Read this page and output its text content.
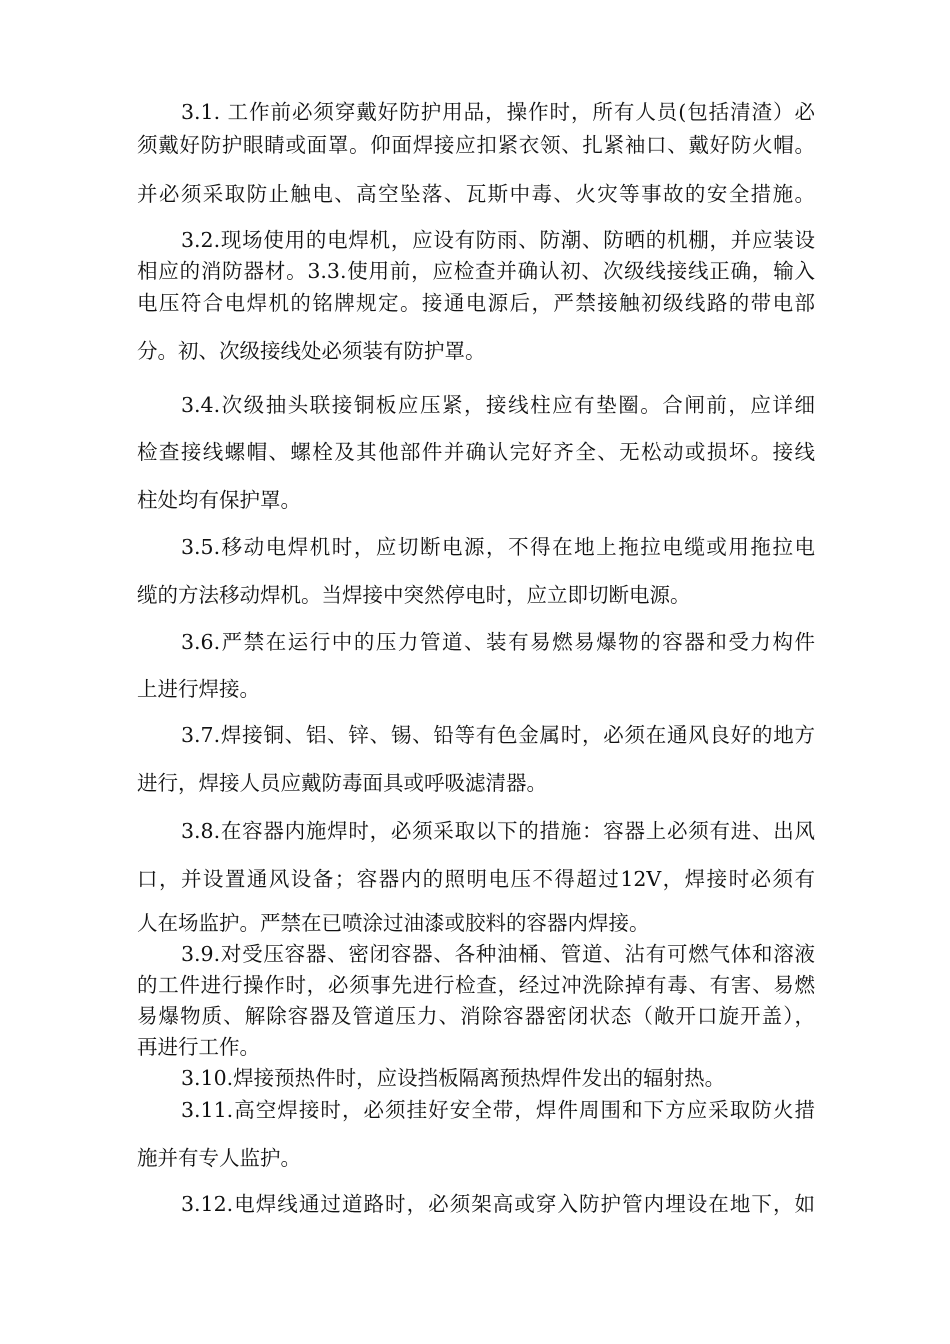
3.1. 工作前必须穿戴好防护用品，操作时，所有人员(包括清渣）必
须戴好防护眼睛或面罩。仰面焊接应扣紧衣领、扎紧袖口、戴好防火帽。
并必须采取防止触电、高空坠落、瓦斯中毒、火灾等事故的安全措施。
3.2.现场使用的电焊机，应设有防雨、防潮、防晒的机棚，并应装设
相应的消防器材。3.3.使用前，应检查并确认初、次级线接线正确，输入
电压符合电焊机的铭牌规定。接通电源后，严禁接触初级线路的带电部
分。初、次级接线处必须装有防护罩。
3.4.次级抽头联接铜板应压紧，接线柱应有垫圈。合闸前，应详细
检查接线螺帽、螺栓及其他部件并确认完好齐全、无松动或损坏。接线
柱处均有保护罩。
3.5.移动电焊机时，应切断电源，不得在地上拖拉电缆或用拖拉电
缆的方法移动焊机。当焊接中突然停电时，应立即切断电源。
3.6.严禁在运行中的压力管道、装有易燃易爆物的容器和受力构件
上进行焊接。
3.7.焊接铜、铝、锌、锡、铅等有色金属时，必须在通风良好的地方
进行，焊接人员应戴防毒面具或呼吸滤清器。
3.8.在容器内施焊时，必须采取以下的措施：容器上必须有进、出风
口，并设置通风设备；容器内的照明电压不得超过12V，焊接时必须有
人在场监护。严禁在已喷涂过油漆或胶料的容器内焊接。
3.9.对受压容器、密闭容器、各种油桶、管道、沾有可燃气体和溶液
的工件进行操作时，必须事先进行检查，经过冲洗除掉有毒、有害、易燃
易爆物质、解除容器及管道压力、消除容器密闭状态（敞开口旋开盖），
再进行工作。
3.10.焊接预热件时，应设挡板隔离预热焊件发出的辐射热。
3.11.高空焊接时，必须挂好安全带，焊件周围和下方应采取防火措
施并有专人监护。
3.12.电焊线通过道路时，必须架高或穿入防护管内埋设在地下，如
